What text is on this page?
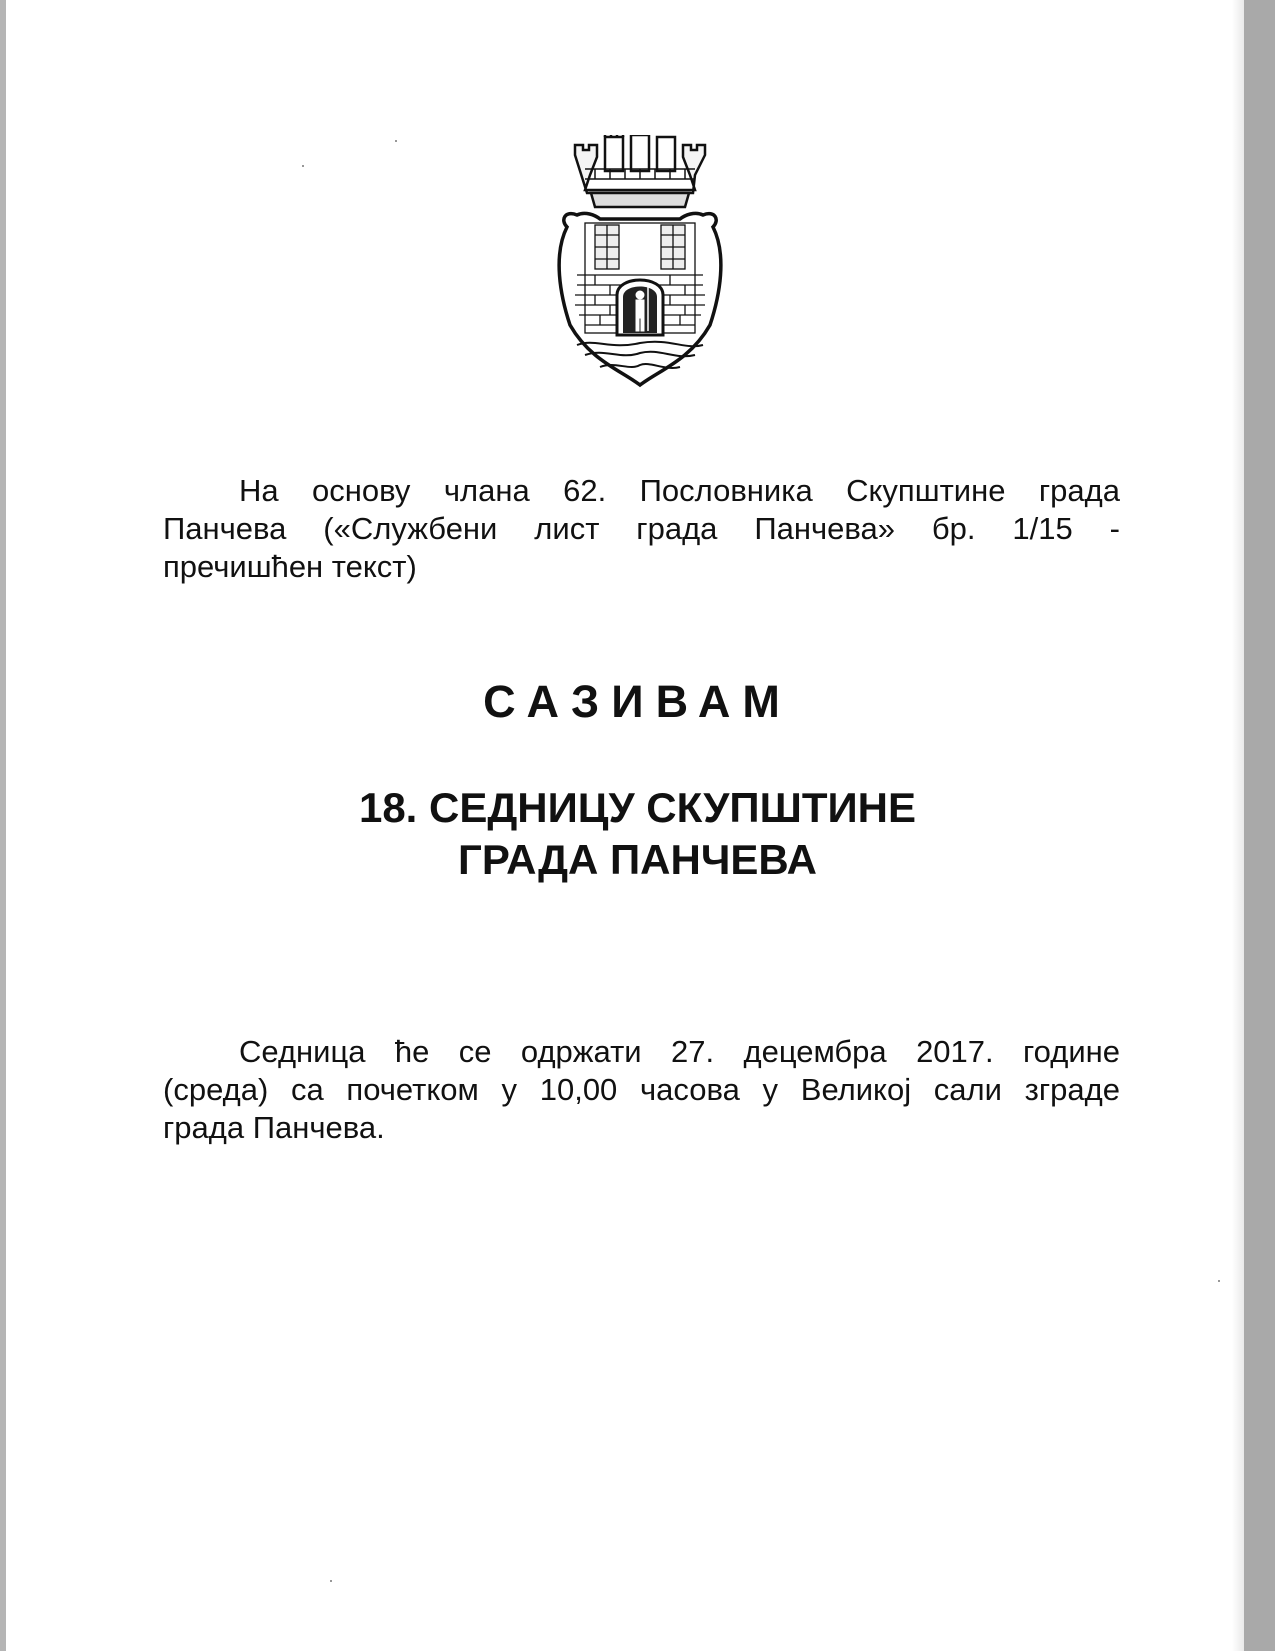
На основу члана 62. Пословника Скупштине града
Панчева («Службени лист града Панчева» бр. 1/15 -
пречишћен текст)

САЗИВАМ
18. СЕДНИЦУ СКУПШТИНЕ
ГРАДА ПАНЧЕВА

Седница ће се одржати 27. децембра 2017. године
(среда) са почетком у 10,00 часова у Великој сали зграде
града Панчева.
